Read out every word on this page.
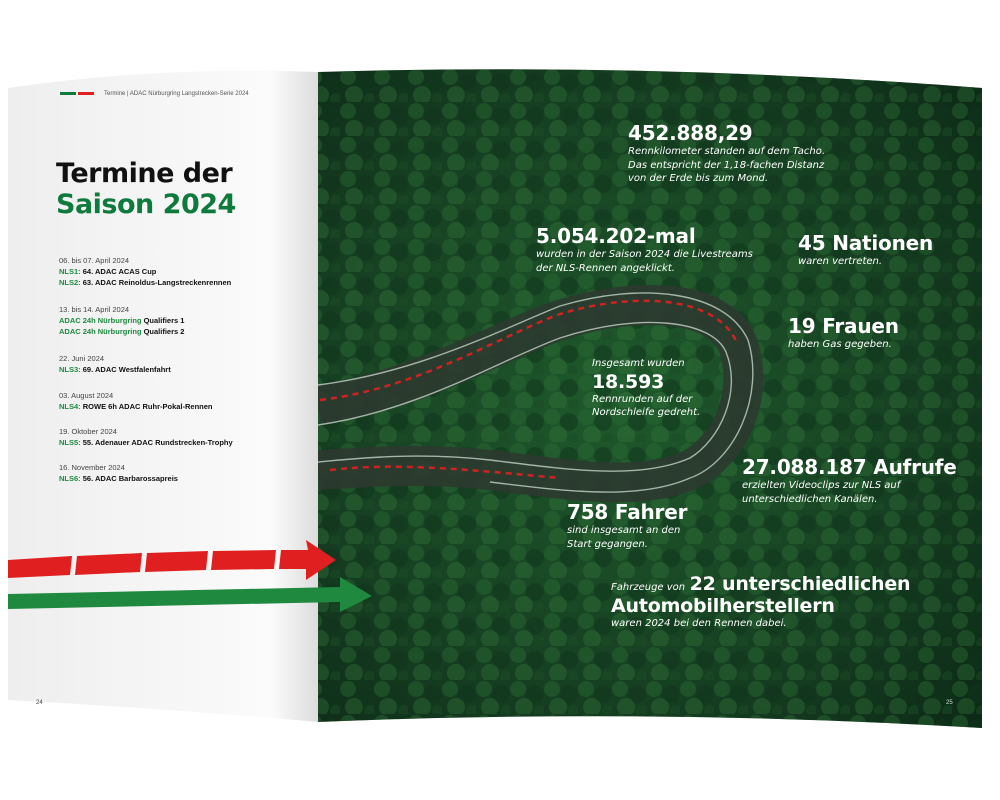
Termine | ADAC Nürburgring Langstrecken-Serie 2024
Termine der
Saison 2024
06. bis 07. April 2024
NLS1: 64. ADAC ACAS Cup
NLS2: 63. ADAC Reinoldus-Langstreckenrennen
13. bis 14. April 2024
ADAC 24h Nürburgring Qualifiers 1
ADAC 24h Nürburgring Qualifiers 2
22. Juni 2024
NLS3: 69. ADAC Westfalenfahrt
03. August 2024
NLS4: ROWE 6h ADAC Ruhr-Pokal-Rennen
19. Oktober 2024
NLS5: 55. Adenauer ADAC Rundstrecken-Trophy
16. November 2024
NLS6: 56. ADAC Barbarossapreis
24	25
452.888,29
Rennkilometer standen auf dem Tacho.
Das entspricht der 1,18-fachen Distanz
von der Erde bis zum Mond.
5.054.202-mal
wurden in der Saison 2024 die Livestreams
der NLS-Rennen angeklickt.
45 Nationen
waren vertreten.
19 Frauen
haben Gas gegeben.
Insgesamt wurden
18.593
Rennrunden auf der
Nordschleife gedreht.
27.088.187 Aufrufe
erzielten Videoclips zur NLS auf
unterschiedlichen Kanälen.
758 Fahrer
sind insgesamt an den
Start gegangen.
Fahrzeuge von 22 unterschiedlichen
Automobilherstellern
waren 2024 bei den Rennen dabei.
